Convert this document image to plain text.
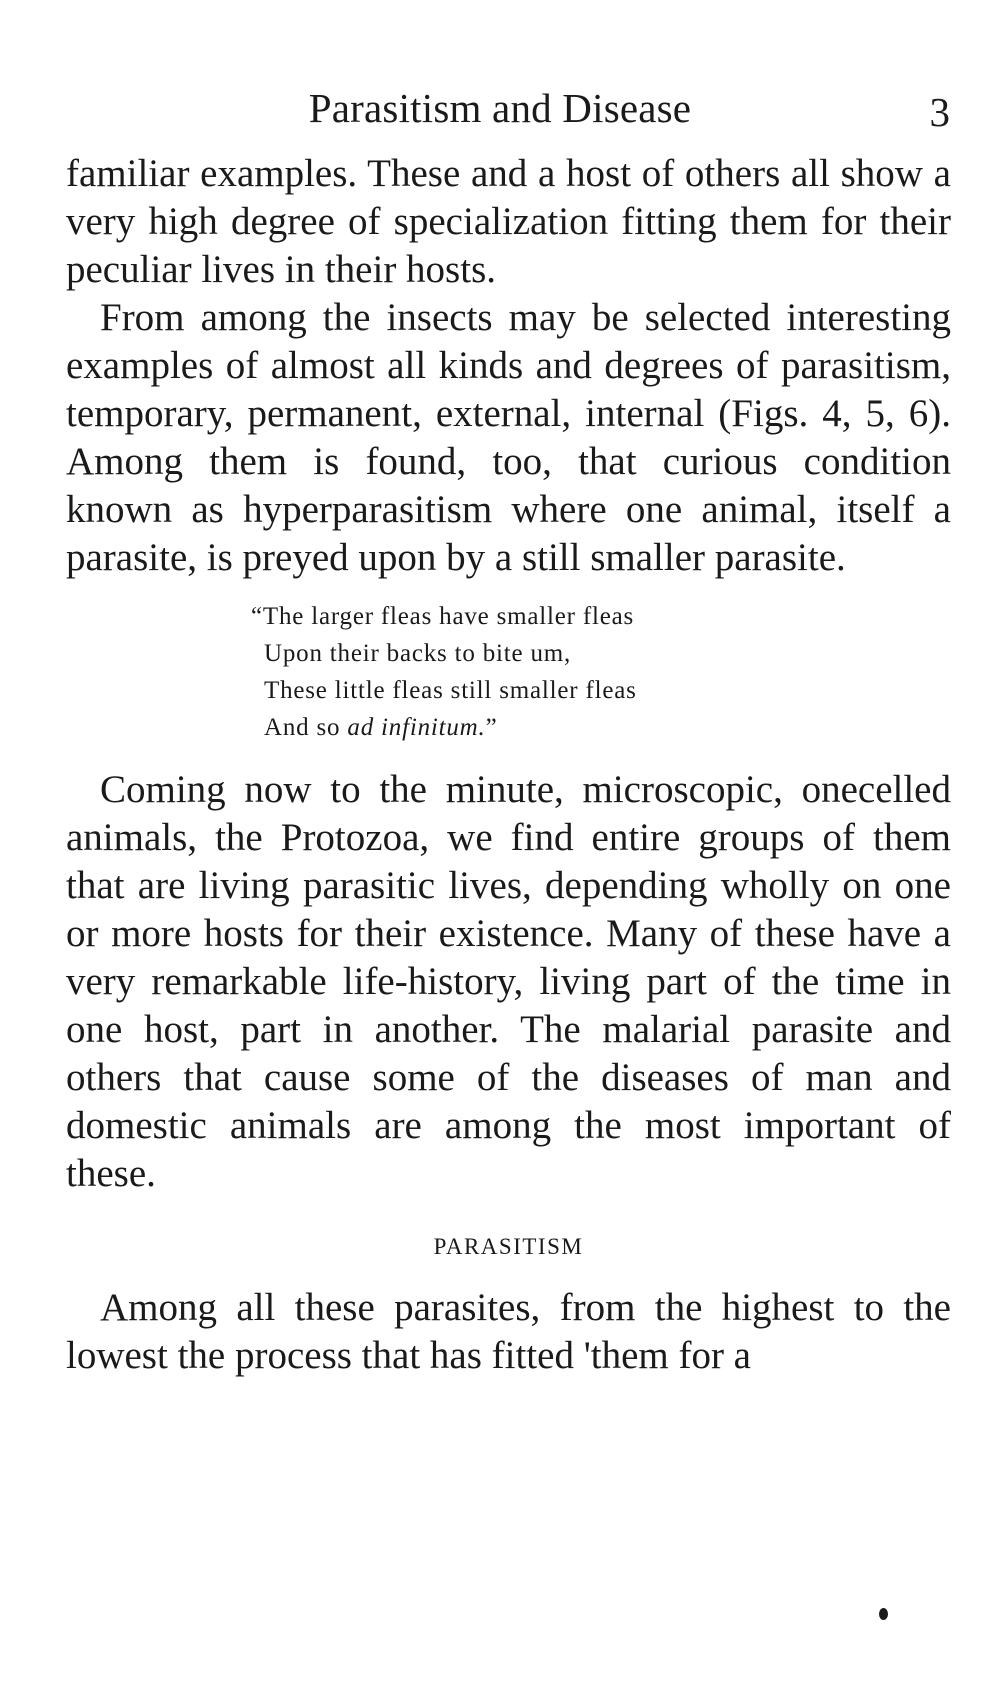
Parasitism and Disease	3

familiar examples. These and a host of others all show a very high degree of specialization fitting them for their peculiar lives in their hosts.

From among the insects may be selected interesting examples of almost all kinds and degrees of parasitism, temporary, permanent, external, internal (Figs. 4, 5, 6). Among them is found, too, that curious condition known as hyperparasitism where one animal, itself a parasite, is preyed upon by a still smaller parasite.

“The larger fleas have smaller fleas
Upon their backs to bite um,
These little fleas still smaller fleas
And so ad infinitum.”

Coming now to the minute, microscopic, onecelled animals, the Protozoa, we find entire groups of them that are living parasitic lives, depending wholly on one or more hosts for their existence. Many of these have a very remarkable life-history, living part of the time in one host, part in another. The malarial parasite and others that cause some of the diseases of man and domestic animals are among the most important of these.

PARASITISM

Among all these parasites, from the highest to the lowest the process that has fitted 'them for a
